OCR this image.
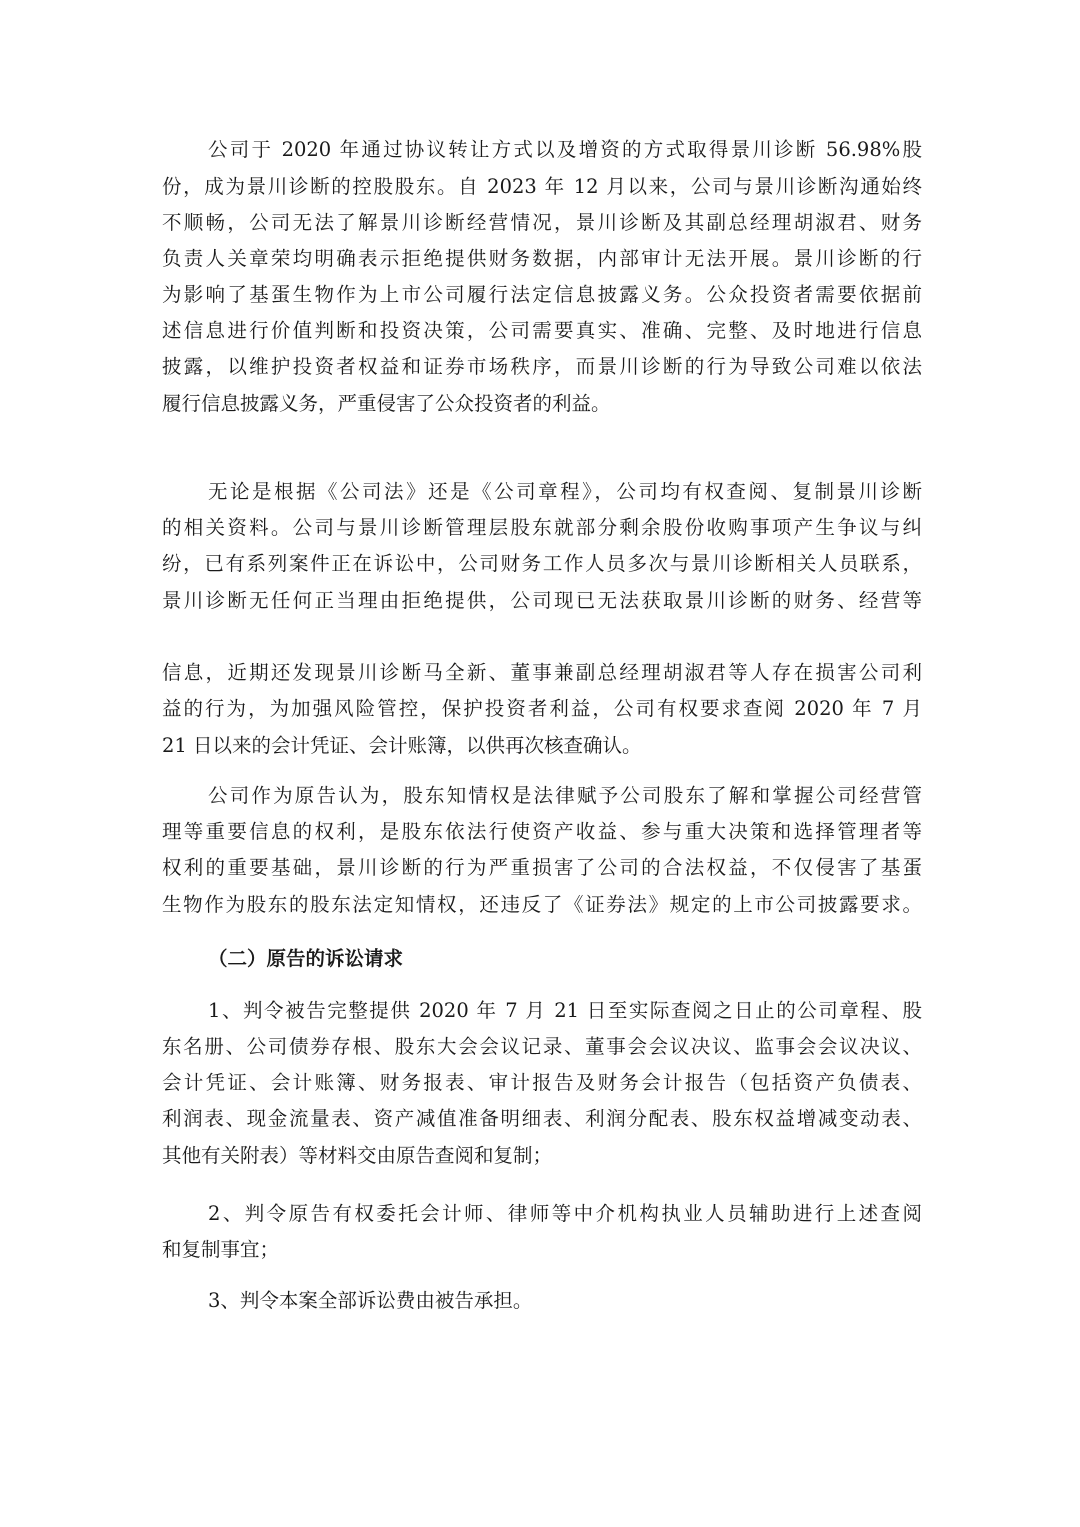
公司于 2020 年通过协议转让方式以及增资的方式取得景川诊断 56.98%股
份，成为景川诊断的控股股东。自 2023 年 12 月以来，公司与景川诊断沟通始终
不顺畅，公司无法了解景川诊断经营情况，景川诊断及其副总经理胡淑君、财务
负责人关章荣均明确表示拒绝提供财务数据，内部审计无法开展。景川诊断的行
为影响了基蛋生物作为上市公司履行法定信息披露义务。公众投资者需要依据前
述信息进行价值判断和投资决策，公司需要真实、准确、完整、及时地进行信息
披露，以维护投资者权益和证券市场秩序，而景川诊断的行为导致公司难以依法
履行信息披露义务，严重侵害了公众投资者的利益。
无论是根据《公司法》还是《公司章程》，公司均有权查阅、复制景川诊断
的相关资料。公司与景川诊断管理层股东就部分剩余股份收购事项产生争议与纠
纷，已有系列案件正在诉讼中，公司财务工作人员多次与景川诊断相关人员联系，
景川诊断无任何正当理由拒绝提供，公司现已无法获取景川诊断的财务、经营等
信息，近期还发现景川诊断马全新、董事兼副总经理胡淑君等人存在损害公司利
益的行为，为加强风险管控，保护投资者利益，公司有权要求查阅 2020 年 7 月
21 日以来的会计凭证、会计账簿，以供再次核查确认。
公司作为原告认为，股东知情权是法律赋予公司股东了解和掌握公司经营管
理等重要信息的权利，是股东依法行使资产收益、参与重大决策和选择管理者等
权利的重要基础，景川诊断的行为严重损害了公司的合法权益，不仅侵害了基蛋
生物作为股东的股东法定知情权，还违反了《证券法》规定的上市公司披露要求。
（二）原告的诉讼请求
1、判令被告完整提供 2020 年 7 月 21 日至实际查阅之日止的公司章程、股
东名册、公司债券存根、股东大会会议记录、董事会会议决议、监事会会议决议、
会计凭证、会计账簿、财务报表、审计报告及财务会计报告（包括资产负债表、
利润表、现金流量表、资产减值准备明细表、利润分配表、股东权益增减变动表、
其他有关附表）等材料交由原告查阅和复制；
2、判令原告有权委托会计师、律师等中介机构执业人员辅助进行上述查阅
和复制事宜；
3、判令本案全部诉讼费由被告承担。
